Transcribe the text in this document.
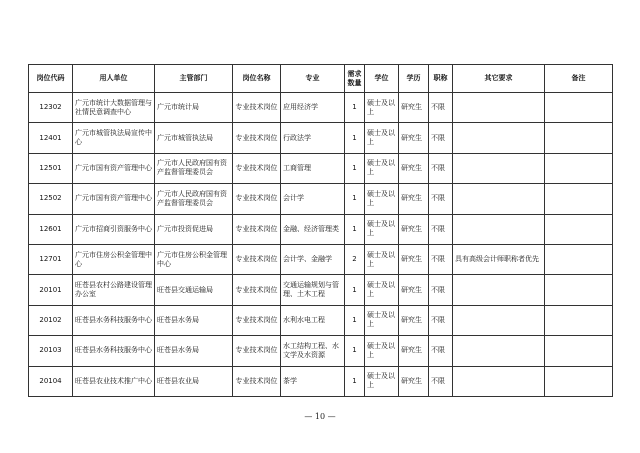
岗位代码	用人单位	主管部门	岗位名称	专业	需求数量	学位	学历	职称	其它要求	备注
12302	广元市统计大数据管理与社情民意调查中心	广元市统计局	专业技术岗位	应用经济学	1	硕士及以上	研究生	不限		
12401	广元市城管执法局宣传中心	广元市城管执法局	专业技术岗位	行政法学	1	硕士及以上	研究生	不限		
12501	广元市国有资产管理中心	广元市人民政府国有资产监督管理委员会	专业技术岗位	工商管理	1	硕士及以上	研究生	不限		
12502	广元市国有资产管理中心	广元市人民政府国有资产监督管理委员会	专业技术岗位	会计学	1	硕士及以上	研究生	不限		
12601	广元市招商引资服务中心	广元市投资促进局	专业技术岗位	金融、经济管理类	1	硕士及以上	研究生	不限		
12701	广元市住房公积金管理中心	广元市住房公积金管理中心	专业技术岗位	会计学、金融学	2	硕士及以上	研究生	不限	具有高级会计师职称者优先	
20101	旺苍县农村公路建设管理办公室	旺苍县交通运输局	专业技术岗位	交通运输规划与管理、土木工程	1	硕士及以上	研究生	不限		
20102	旺苍县水务科技服务中心	旺苍县水务局	专业技术岗位	水利水电工程	1	硕士及以上	研究生	不限		
20103	旺苍县水务科技服务中心	旺苍县水务局	专业技术岗位	水工结构工程、水文学及水资源	1	硕士及以上	研究生	不限		
20104	旺苍县农业技术推广中心	旺苍县农业局	专业技术岗位	茶学	1	硕士及以上	研究生	不限		
— 10 —
